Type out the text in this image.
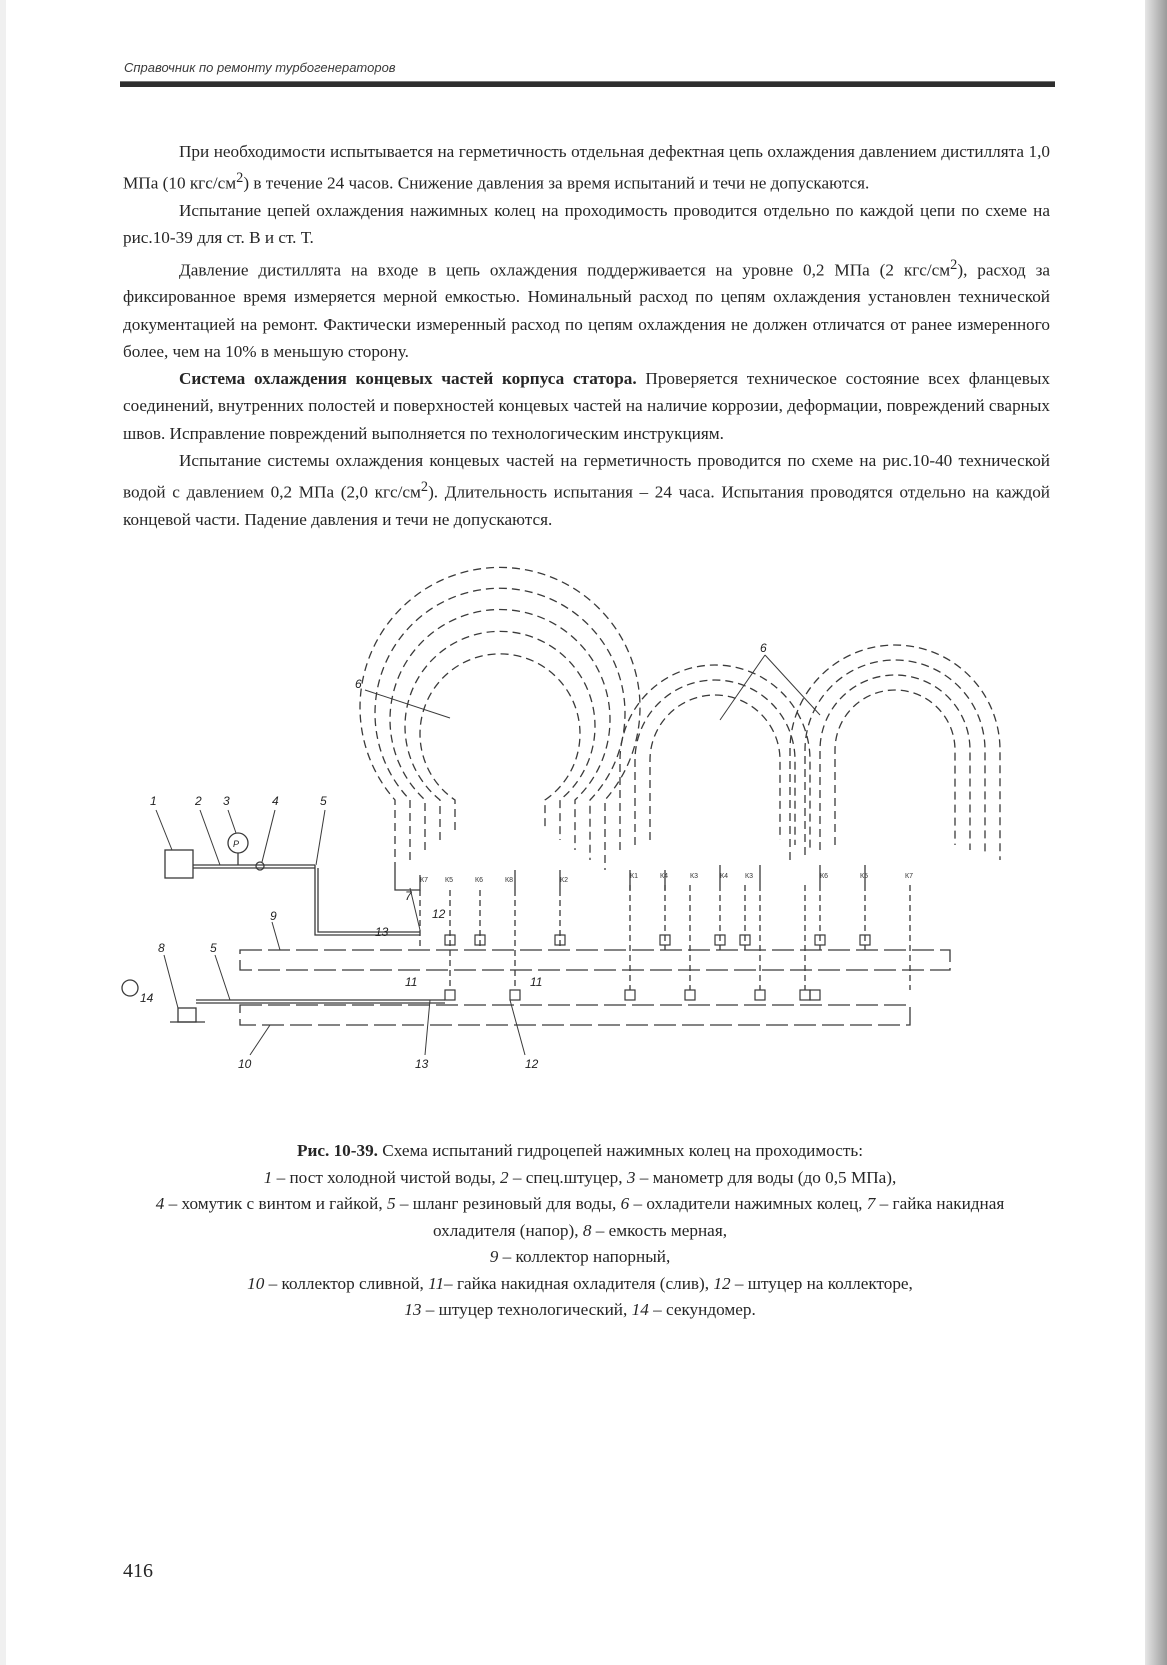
Справочник по ремонту турбогенераторов

При необходимости испытывается на герметичность отдельная дефектная цепь охлаждения давлением дистиллята 1,0 МПа (10 кгс/$см^2$) в течение 24 часов. Снижение давления за время испытаний и течи не допускаются.

Испытание цепей охлаждения нажимных колец на проходимость проводится отдельно по каждой цепи по схеме на рис.10-39 для ст. В и ст. Т.

Давление дистиллята на входе в цепь охлаждения поддерживается на уровне 0,2 МПа (2 кгс/$см^2$), расход за фиксированное время измеряется мерной емкостью. Номинальный расход по цепям охлаждения установлен технической документацией на ремонт. Фактически измеренный расход по цепям охлаждения не должен отличатся от ранее измеренного более, чем на 10% в меньшую сторону.

Система охлаждения концевых частей корпуса статора. Проверяется техническое состояние всех фланцевых соединений, внутренних полостей и поверхностей концевых частей на наличие коррозии, деформации, повреждений сварных швов. Исправление повреждений выполняется по технологическим инструкциям.

Испытание системы охлаждения концевых частей на герметичность проводится по схеме на рис.10-40 технической водой с давлением 0,2 МПа (2,0 кгс/$см^2$). Длительность испытания – 24 часа. Испытания проводятся отдельно на каждой концевой части. Падение давления и течи не допускаются.

К7 К5	К6	К8	К2
К1	К4	К3	К4 К3	К6	К5	К7
1	2 3	4	5
6
6
7
13
12
9
8	5
14
11	11
10	13	12
Р
Рис. 10-39. Схема испытаний гидроцепей нажимных колец на проходимость:
1 – пост холодной чистой воды, 2 – спец.штуцер, 3 – манометр для воды (до 0,5 МПа),
4 – хомутик с винтом и гайкой, 5 – шланг резиновый для воды, 6 – охладители нажимных колец, 7 – гайка накидная охладителя (напор), 8 – емкость мерная,
9 – коллектор напорный,
10 – коллектор сливной, 11– гайка накидная охладителя (слив), 12 – штуцер на коллекторе,
13 – штуцер технологический, 14 – секундомер.
416
